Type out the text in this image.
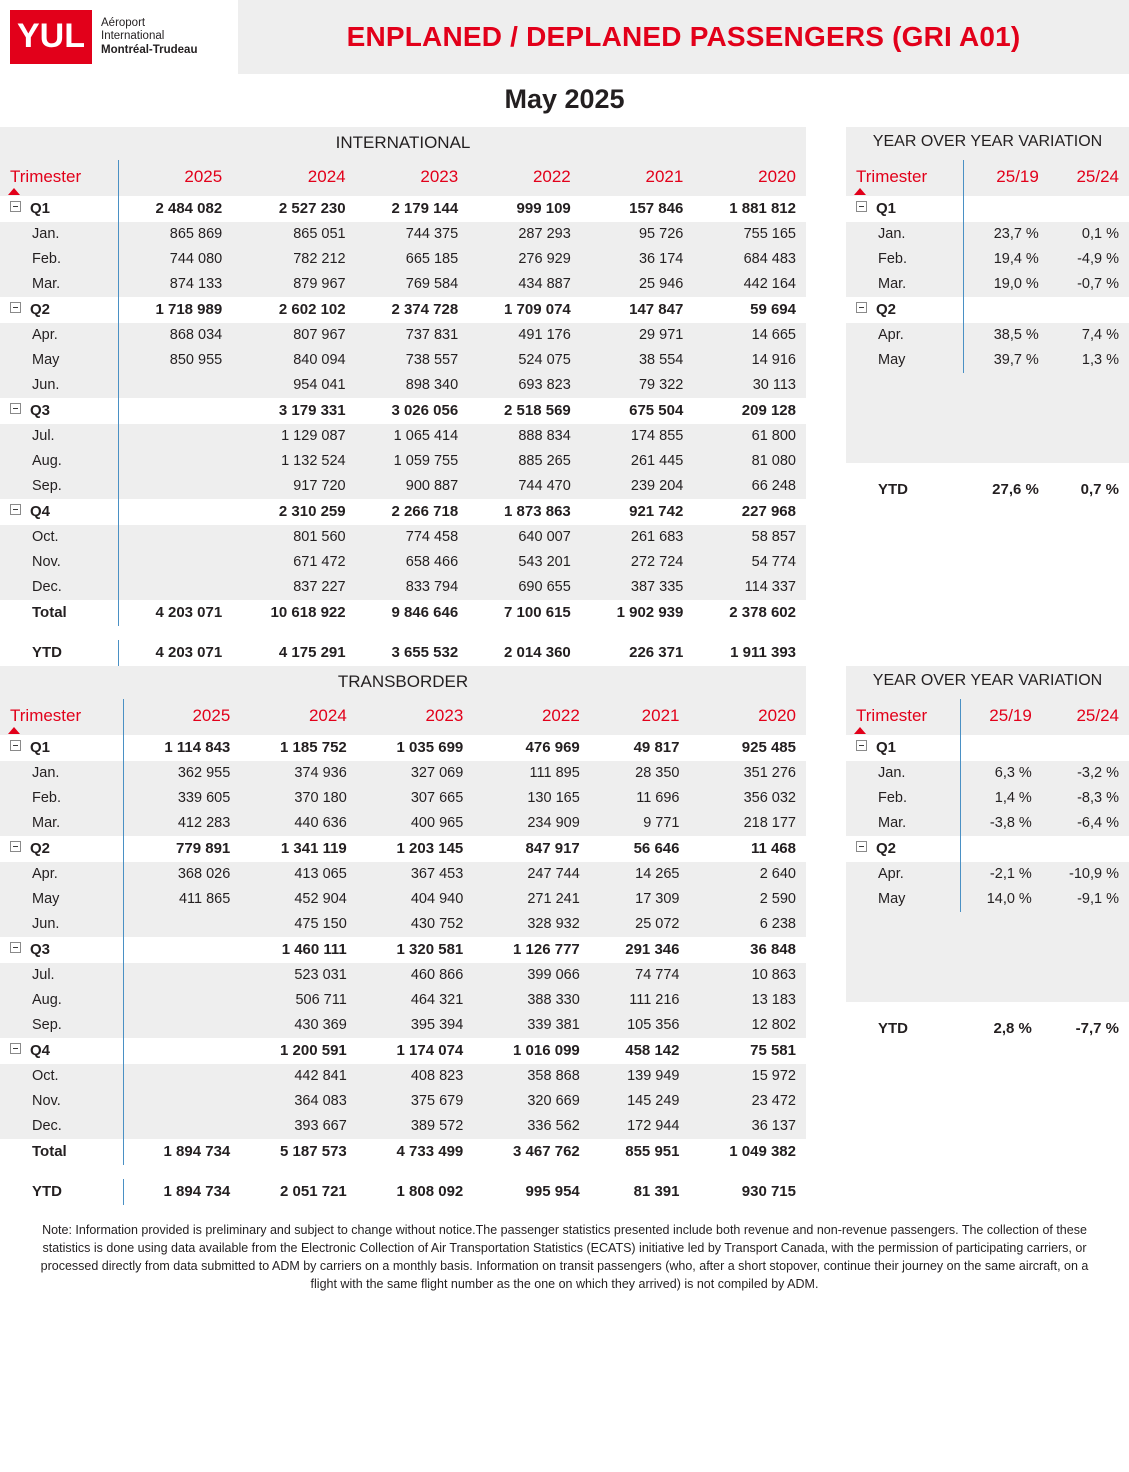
YUL	Aéroport
International
Montréal-Trudeau	ENPLANED / DEPLANED PASSENGERS (GRI A01)
May 2025
INTERNATIONAL	YEAR OVER YEAR VARIATION
Trimester	2025	2024	2023	2022	2021	2020
Q1	2 484 082	2 527 230	2 179 144	999 109	157 846	1 881 812
Jan.	865 869	865 051	744 375	287 293	95 726	755 165
Feb.	744 080	782 212	665 185	276 929	36 174	684 483
Mar.	874 133	879 967	769 584	434 887	25 946	442 164
Q2	1 718 989	2 602 102	2 374 728	1 709 074	147 847	59 694
Apr.	868 034	807 967	737 831	491 176	29 971	14 665
May	850 955	840 094	738 557	524 075	38 554	14 916
Jun.		954 041	898 340	693 823	79 322	30 113
Q3		3 179 331	3 026 056	2 518 569	675 504	209 128
Jul.		1 129 087	1 065 414	888 834	174 855	61 800
Aug.		1 132 524	1 059 755	885 265	261 445	81 080
Sep.		917 720	900 887	744 470	239 204	66 248
Q4		2 310 259	2 266 718	1 873 863	921 742	227 968
Oct.		801 560	774 458	640 007	261 683	58 857
Nov.		671 472	658 466	543 201	272 724	54 774
Dec.		837 227	833 794	690 655	387 335	114 337
Total	4 203 071	10 618 922	9 846 646	7 100 615	1 902 939	2 378 602

YTD	4 203 071	4 175 291	3 655 532	2 014 360	226 371	1 911 393
Trimester	25/19	25/24
Q1		
Jan.	23,7 %	0,1 %
Feb.	19,4 %	-4,9 %
Mar.	19,0 %	-0,7 %
Q2		
Apr.	38,5 %	7,4 %
May	39,7 %	1,3 %

YTD	27,6 %	0,7 %
TRANSBORDER	YEAR OVER YEAR VARIATION
Trimester	2025	2024	2023	2022	2021	2020
Q1	1 114 843	1 185 752	1 035 699	476 969	49 817	925 485
Jan.	362 955	374 936	327 069	111 895	28 350	351 276
Feb.	339 605	370 180	307 665	130 165	11 696	356 032
Mar.	412 283	440 636	400 965	234 909	9 771	218 177
Q2	779 891	1 341 119	1 203 145	847 917	56 646	11 468
Apr.	368 026	413 065	367 453	247 744	14 265	2 640
May	411 865	452 904	404 940	271 241	17 309	2 590
Jun.		475 150	430 752	328 932	25 072	6 238
Q3		1 460 111	1 320 581	1 126 777	291 346	36 848
Jul.		523 031	460 866	399 066	74 774	10 863
Aug.		506 711	464 321	388 330	111 216	13 183
Sep.		430 369	395 394	339 381	105 356	12 802
Q4		1 200 591	1 174 074	1 016 099	458 142	75 581
Oct.		442 841	408 823	358 868	139 949	15 972
Nov.		364 083	375 679	320 669	145 249	23 472
Dec.		393 667	389 572	336 562	172 944	36 137
Total	1 894 734	5 187 573	4 733 499	3 467 762	855 951	1 049 382

YTD	1 894 734	2 051 721	1 808 092	995 954	81 391	930 715
Trimester	25/19	25/24
Q1		
Jan.	6,3 %	-3,2 %
Feb.	1,4 %	-8,3 %
Mar.	-3,8 %	-6,4 %
Q2		
Apr.	-2,1 %	-10,9 %
May	14,0 %	-9,1 %

YTD	2,8 %	-7,7 %
Note: Information provided is preliminary and subject to change without notice.The passenger statistics presented include both revenue and non-revenue passengers. The collection of these statistics is done using data available from the Electronic Collection of Air Transportation Statistics (ECATS) initiative led by Transport Canada, with the permission of participating carriers, or processed directly from data submitted to ADM by carriers on a monthly basis. Information on transit passengers (who, after a short stopover, continue their journey on the same aircraft, on a flight with the same flight number as the one on which they arrived) is not compiled by ADM.
